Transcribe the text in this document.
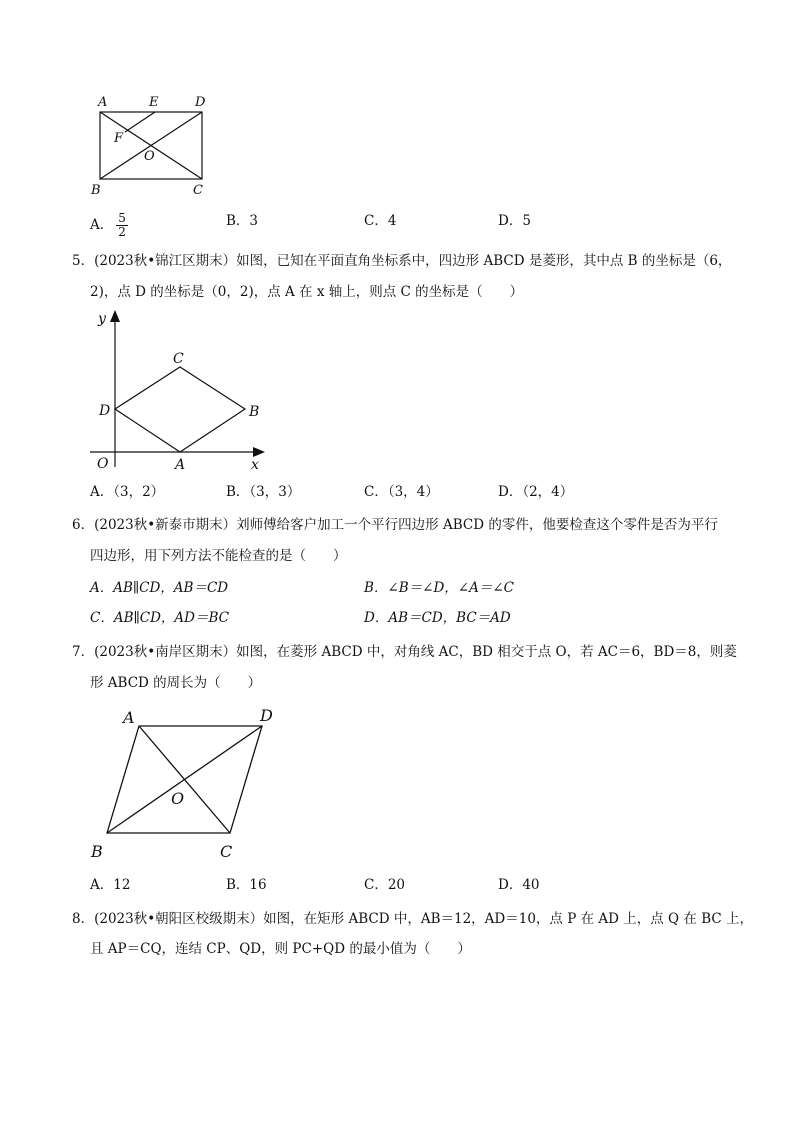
A	E	D
F
O
B	C
A． $\frac{5}{2}$	B．3	C．4	D．5
5．(2023秋•锦江区期末）如图，已知在平面直角坐标系中，四边形 ABCD 是菱形，其中点 B 的坐标是（6，
2)，点 D 的坐标是（0，2)，点 A 在 x 轴上，则点 C 的坐标是（　　）
y
x
O	A
B
C
D
A．（3，2）	B．（3，3）	C．（3，4）	D．（2，4）
6．(2023秋•新泰市期末）刘师傅给客户加工一个平行四边形 ABCD 的零件，他要检查这个零件是否为平行
四边形，用下列方法不能检查的是（　　）
A．AB∥CD，AB＝CD	B．∠B＝∠D，∠A＝∠C
C．AB∥CD，AD＝BC	D．AB＝CD，BC＝AD
7．(2023秋•南岸区期末）如图，在菱形 ABCD 中，对角线 AC，BD 相交于点 O，若 AC＝6，BD＝8，则菱
形 ABCD 的周长为（　　）
A	D
O
B	C
A．12	B．16	C．20	D．40
8．(2023秋•朝阳区校级期末）如图，在矩形 ABCD 中，AB＝12，AD＝10，点 P 在 AD 上，点 Q 在 BC 上，
且 AP＝CQ，连结 CP、QD，则 PC+QD 的最小值为（　　）
